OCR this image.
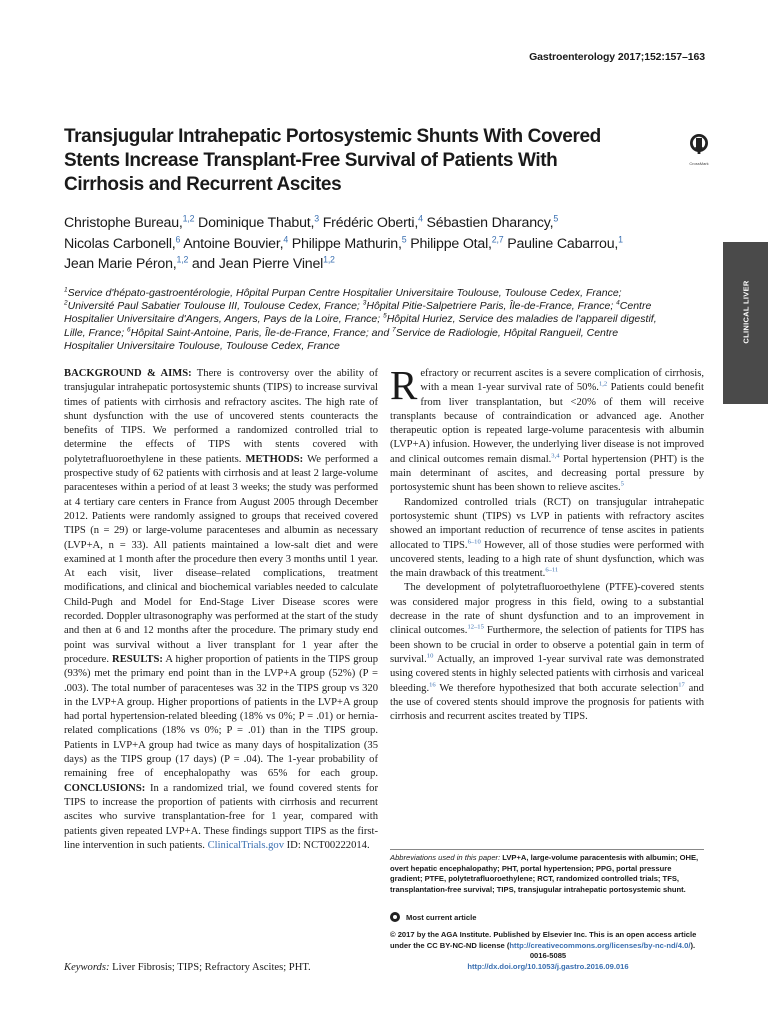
Gastroenterology 2017;152:157–163
Transjugular Intrahepatic Portosystemic Shunts With Covered
Stents Increase Transplant-Free Survival of Patients With
Cirrhosis and Recurrent Ascites
CrossMark
Christophe Bureau,$^{1,2}$ Dominique Thabut,$^3$ Frédéric Oberti,$^4$ Sébastien Dharancy,$^5$
Nicolas Carbonell,$^6$ Antoine Bouvier,$^4$ Philippe Mathurin,$^5$ Philippe Otal,$^{2,7}$ Pauline Cabarrou,$^1$
Jean Marie Péron,$^{1,2}$ and Jean Pierre Vinel$^{1,2}$
$^1$Service d'hépato-gastroentérologie, Hôpital Purpan Centre Hospitalier Universitaire Toulouse, Toulouse Cedex, France;
$^2$Université Paul Sabatier Toulouse III, Toulouse Cedex, France; $^3$Hôpital Pitie-Salpetriere Paris, Île-de-France, France; $^4$Centre
Hospitalier Universitaire d'Angers, Angers, Pays de la Loire, France; $^5$Hôpital Huriez, Service des maladies de l'appareil digestif,
Lille, France; $^6$Hôpital Saint-Antoine, Paris, Île-de-France, France; and $^7$Service de Radiologie, Hôpital Rangueil, Centre
Hospitalier Universitaire Toulouse, Toulouse Cedex, France
CLINICAL LIVER

BACKGROUND & AIMS: There is controversy over the ability of transjugular intrahepatic portosystemic shunts (TIPS) to increase survival times of patients with cirrhosis and refractory ascites. The high rate of shunt dysfunction with the use of uncovered stents counteracts the benefits of TIPS. We performed a randomized controlled trial to determine the effects of TIPS with stents covered with polytetrafluoroethylene in these patients. METHODS: We performed a prospective study of 62 patients with cirrhosis and at least 2 large-volume paracenteses within a period of at least 3 weeks; the study was performed at 4 tertiary care centers in France from August 2005 through December 2012. Patients were randomly assigned to groups that received covered TIPS (n = 29) or large-volume paracenteses and albumin as necessary (LVP+A, n = 33). All patients maintained a low-salt diet and were examined at 1 month after the procedure then every 3 months until 1 year. At each visit, liver disease–related complications, treatment modifications, and clinical and biochemical variables needed to calculate Child-Pugh and Model for End-Stage Liver Disease scores were recorded. Doppler ultrasonography was performed at the start of the study and then at 6 and 12 months after the procedure. The primary study end point was survival without a liver transplant for 1 year after the procedure. RESULTS: A higher proportion of patients in the TIPS group (93%) met the primary end point than in the LVP+A group (52%) (P = .003). The total number of paracenteses was 32 in the TIPS group vs 320 in the LVP+A group. Higher proportions of patients in the LVP+A group had portal hypertension-related bleeding (18% vs 0%; P = .01) or hernia-related complications (18% vs 0%; P = .01) than in the TIPS group. Patients in LVP+A group had twice as many days of hospitalization (35 days) as the TIPS group (17 days) (P = .04). The 1-year probability of remaining free of encephalopathy was 65% for each group. CONCLUSIONS: In a randomized trial, we found covered stents for TIPS to increase the proportion of patients with cirrhosis and recurrent ascites who survive transplantation-free for 1 year, compared with patients given repeated LVP+A. These findings support TIPS as the first-line intervention in such patients. ClinicalTrials.gov ID: NCT00222014.

Keywords: Liver Fibrosis; TIPS; Refractory Ascites; PHT.

Refractory or recurrent ascites is a severe complication of cirrhosis, with a mean 1-year survival rate of 50%.$^{1,2}$ Patients could benefit from liver transplantation, but <20% of them will receive transplants because of contraindication or advanced age. Another therapeutic option is repeated large-volume paracentesis with albumin (LVP+A) infusion. However, the underlying liver disease is not improved and clinical outcomes remain dismal.$^{3,4}$ Portal hypertension (PHT) is the main determinant of ascites, and decreasing portal pressure by portosystemic shunt has been shown to relieve ascites.$^5$

Randomized controlled trials (RCT) on transjugular intrahepatic portosystemic shunt (TIPS) vs LVP in patients with refractory ascites showed an important reduction of recurrence of tense ascites in patients allocated to TIPS.$^{6-10}$ However, all of those studies were performed with uncovered stents, leading to a high rate of shunt dysfunction, which was the main drawback of this treatment.$^{6-11}$

The development of polytetrafluoroethylene (PTFE)-covered stents was considered major progress in this field, owing to a substantial decrease in the rate of shunt dysfunction and to an improvement in clinical outcomes.$^{12-15}$ Furthermore, the selection of patients for TIPS has been shown to be crucial in order to observe a potential gain in term of survival.$^{10}$ Actually, an improved 1-year survival rate was demonstrated using covered stents in highly selected patients with cirrhosis and variceal bleeding.$^{16}$ We therefore hypothesized that both accurate selection$^{17}$ and the use of covered stents should improve the prognosis for patients with cirrhosis and recurrent ascites treated by TIPS.

Abbreviations used in this paper: LVP+A, large-volume paracentesis with albumin; OHE, overt hepatic encephalopathy; PHT, portal hypertension; PPG, portal pressure gradient; PTFE, polytetrafluoroethylene; RCT, randomized controlled trials; TFS, transplantation-free survival; TIPS, transjugular intrahepatic portosystemic shunt.
Most current article
© 2017 by the AGA Institute. Published by Elsevier Inc. This is an open access article under the CC BY-NC-ND license (http://creativecommons.org/licenses/by-nc-nd/4.0/).
0016-5085
http://dx.doi.org/10.1053/j.gastro.2016.09.016
